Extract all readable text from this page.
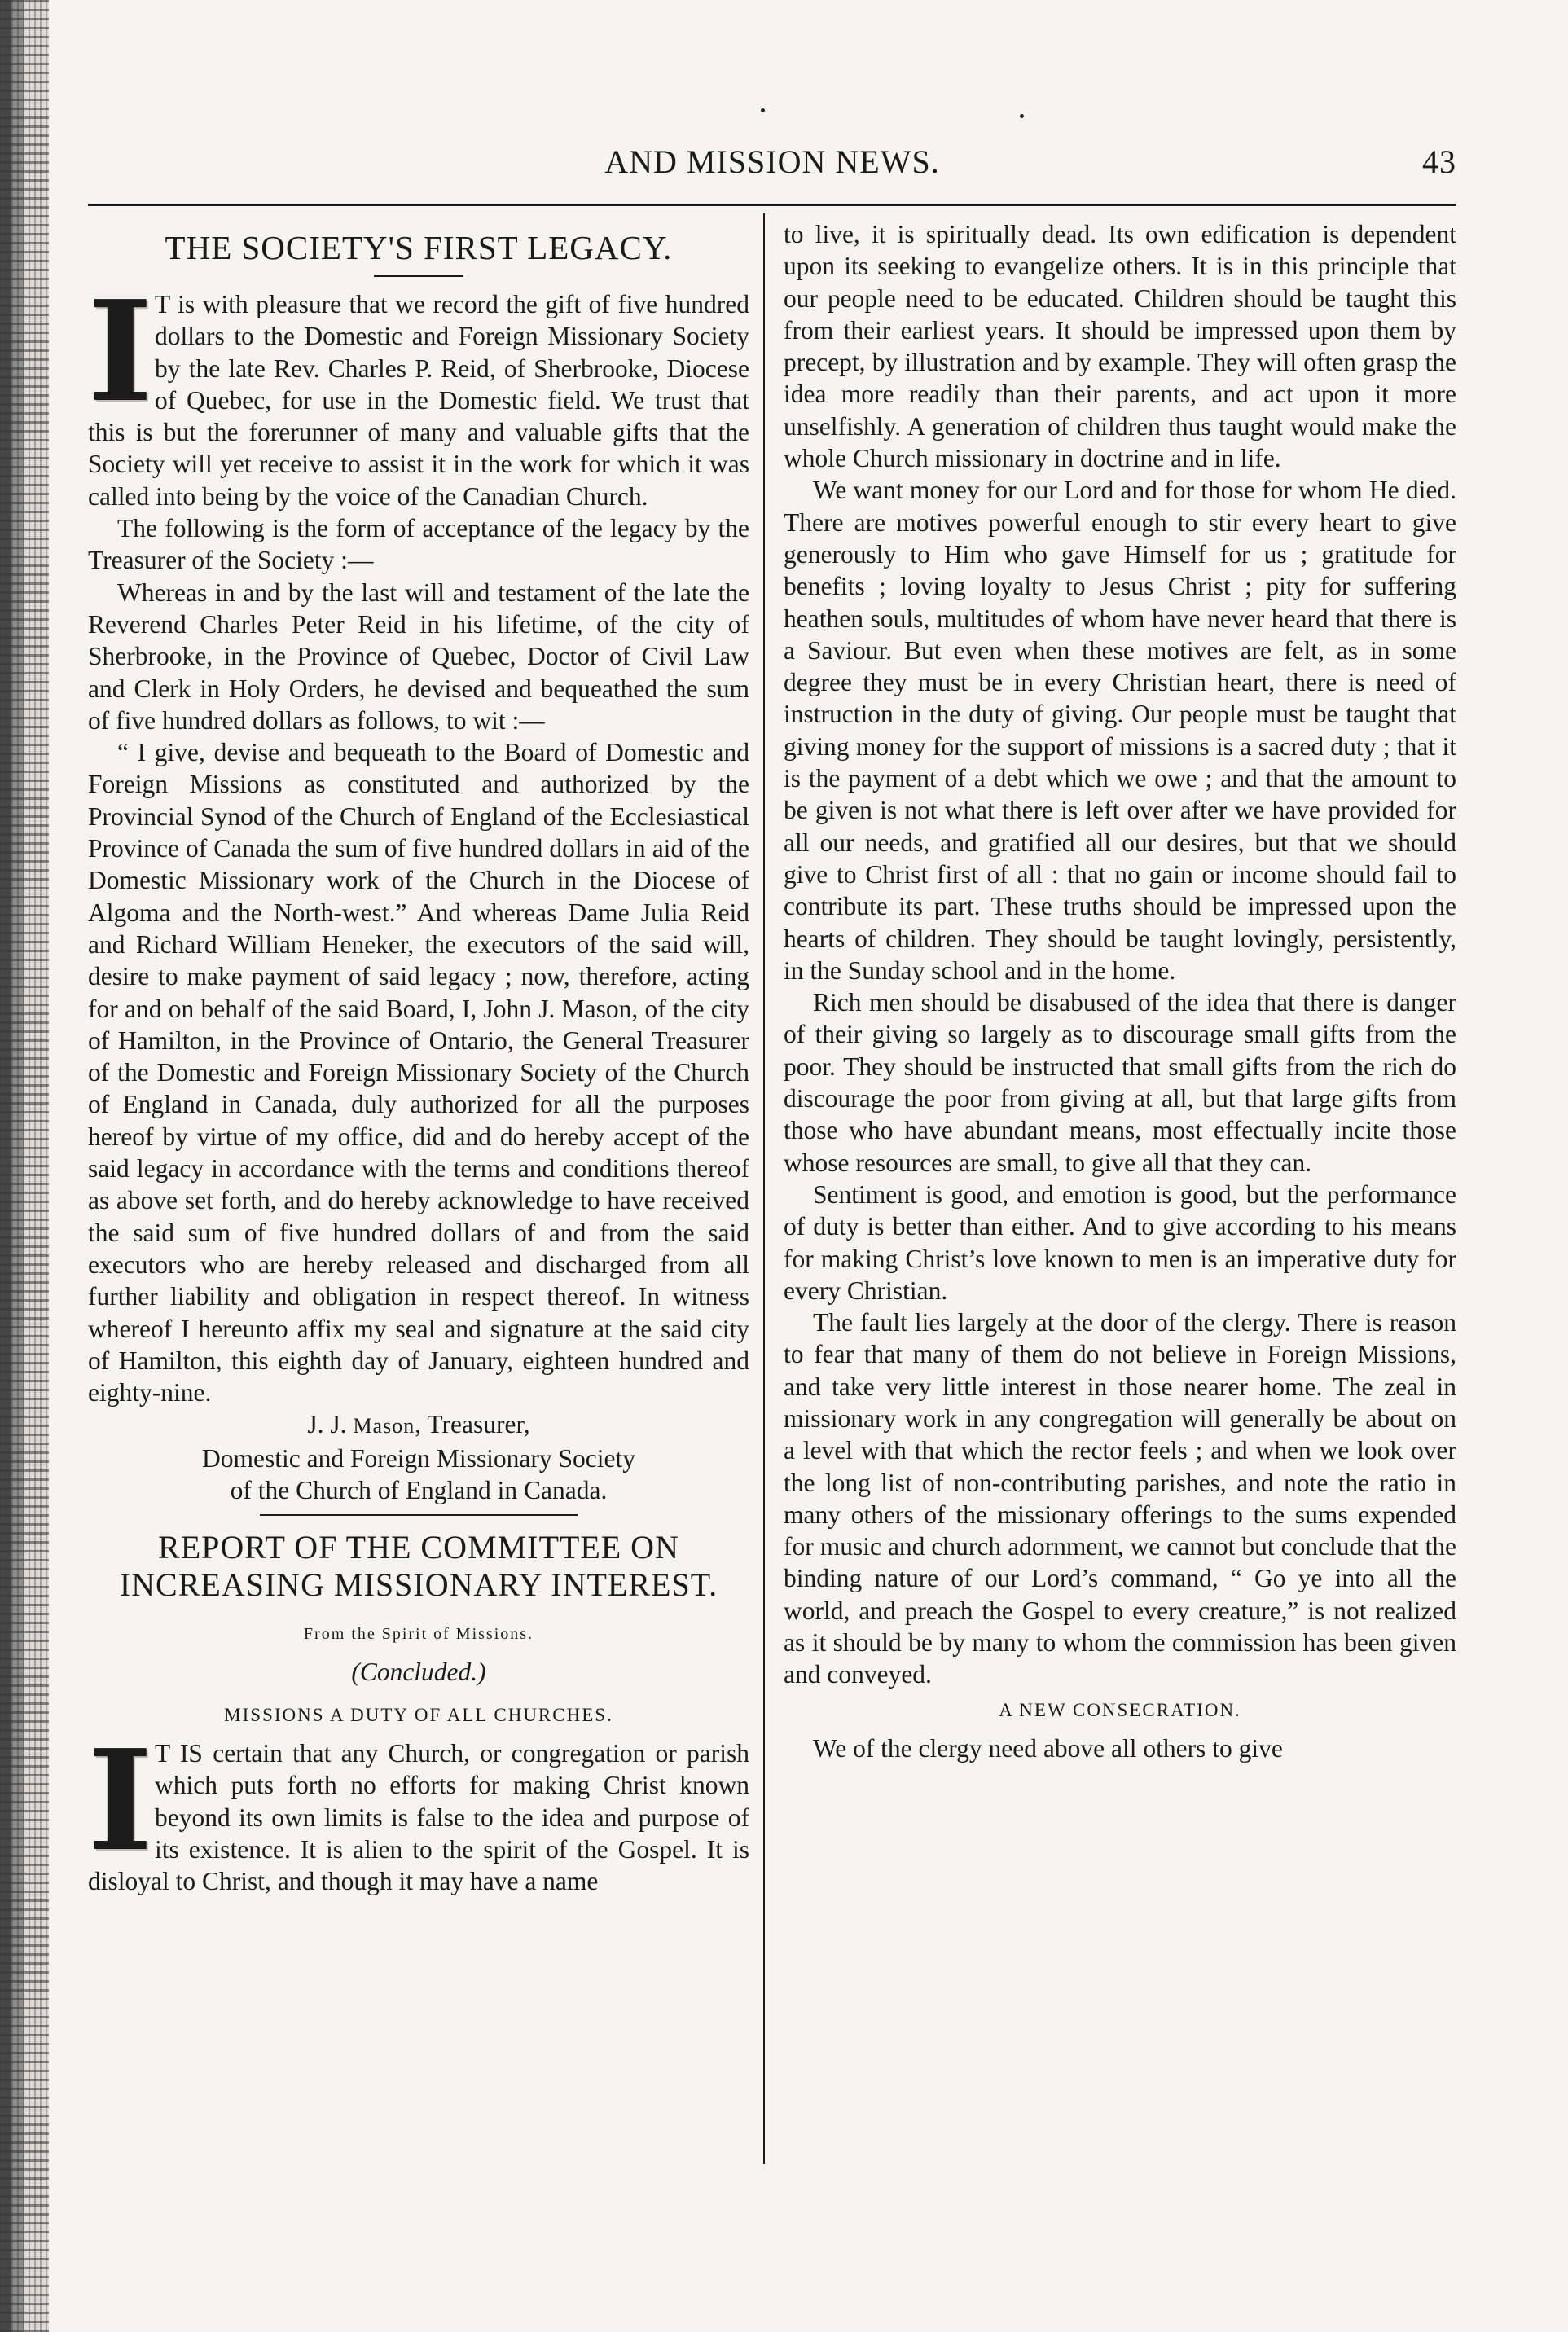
AND MISSION NEWS.	43
THE SOCIETY'S FIRST LEGACY.

I T is with pleasure that we record the gift of five hundred dollars to the Domestic and Foreign Missionary Society by the late Rev. Charles P. Reid, of Sherbrooke, Diocese of Quebec, for use in the Domestic field. We trust that this is but the forerunner of many and valuable gifts that the Society will yet receive to assist it in the work for which it was called into being by the voice of the Canadian Church.

The following is the form of acceptance of the legacy by the Treasurer of the Society :—

Whereas in and by the last will and testament of the late the Reverend Charles Peter Reid in his lifetime, of the city of Sherbrooke, in the Province of Quebec, Doctor of Civil Law and Clerk in Holy Orders, he devised and bequeathed the sum of five hundred dollars as follows, to wit :—

“ I give, devise and bequeath to the Board of Domestic and Foreign Missions as constituted and authorized by the Provincial Synod of the Church of England of the Ecclesiastical Province of Canada the sum of five hundred dollars in aid of the Domestic Missionary work of the Church in the Diocese of Algoma and the North-west.” And whereas Dame Julia Reid and Richard William Heneker, the executors of the said will, desire to make payment of said legacy ; now, therefore, acting for and on behalf of the said Board, I, John J. Mason, of the city of Hamilton, in the Province of Ontario, the General Treasurer of the Domestic and Foreign Missionary Society of the Church of England in Canada, duly authorized for all the purposes hereof by virtue of my office, did and do hereby accept of the said legacy in accordance with the terms and conditions thereof as above set forth, and do hereby acknowledge to have received the said sum of five hundred dollars of and from the said executors who are hereby released and discharged from all further liability and obligation in respect thereof. In witness whereof I hereunto affix my seal and signature at the said city of Hamilton, this eighth day of January, eighteen hundred and eighty-nine.

J. J. Mason, Treasurer,

Domestic and Foreign Missionary Society

of the Church of England in Canada.

REPORT OF THE COMMITTEE ON INCREASING MISSIONARY INTEREST.
From the Spirit of Missions.
(Concluded.)
MISSIONS A DUTY OF ALL CHURCHES.

I T IS certain that any Church, or congregation or parish which puts forth no efforts for making Christ known beyond its own limits is false to the idea and purpose of its existence. It is alien to the spirit of the Gospel. It is disloyal to Christ, and though it may have a name

to live, it is spiritually dead. Its own edification is dependent upon its seeking to evangelize others. It is in this principle that our people need to be educated. Children should be taught this from their earliest years. It should be impressed upon them by precept, by illustration and by example. They will often grasp the idea more readily than their parents, and act upon it more unselfishly. A generation of children thus taught would make the whole Church missionary in doctrine and in life.

We want money for our Lord and for those for whom He died. There are motives powerful enough to stir every heart to give generously to Him who gave Himself for us ; gratitude for benefits ; loving loyalty to Jesus Christ ; pity for suffering heathen souls, multitudes of whom have never heard that there is a Saviour. But even when these motives are felt, as in some degree they must be in every Christian heart, there is need of instruction in the duty of giving. Our people must be taught that giving money for the support of missions is a sacred duty ; that it is the payment of a debt which we owe ; and that the amount to be given is not what there is left over after we have provided for all our needs, and gratified all our desires, but that we should give to Christ first of all : that no gain or income should fail to contribute its part. These truths should be impressed upon the hearts of children. They should be taught lovingly, persistently, in the Sunday school and in the home.

Rich men should be disabused of the idea that there is danger of their giving so largely as to discourage small gifts from the poor. They should be instructed that small gifts from the rich do discourage the poor from giving at all, but that large gifts from those who have abundant means, most effectually incite those whose resources are small, to give all that they can.

Sentiment is good, and emotion is good, but the performance of duty is better than either. And to give according to his means for making Christ’s love known to men is an imperative duty for every Christian.

The fault lies largely at the door of the clergy. There is reason to fear that many of them do not believe in Foreign Missions, and take very little interest in those nearer home. The zeal in missionary work in any congregation will generally be about on a level with that which the rector feels ; and when we look over the long list of non-contributing parishes, and note the ratio in many others of the missionary offerings to the sums expended for music and church adornment, we cannot but conclude that the binding nature of our Lord’s command, “ Go ye into all the world, and preach the Gospel to every creature,” is not realized as it should be by many to whom the commission has been given and conveyed.

A NEW CONSECRATION.

We of the clergy need above all others to give
